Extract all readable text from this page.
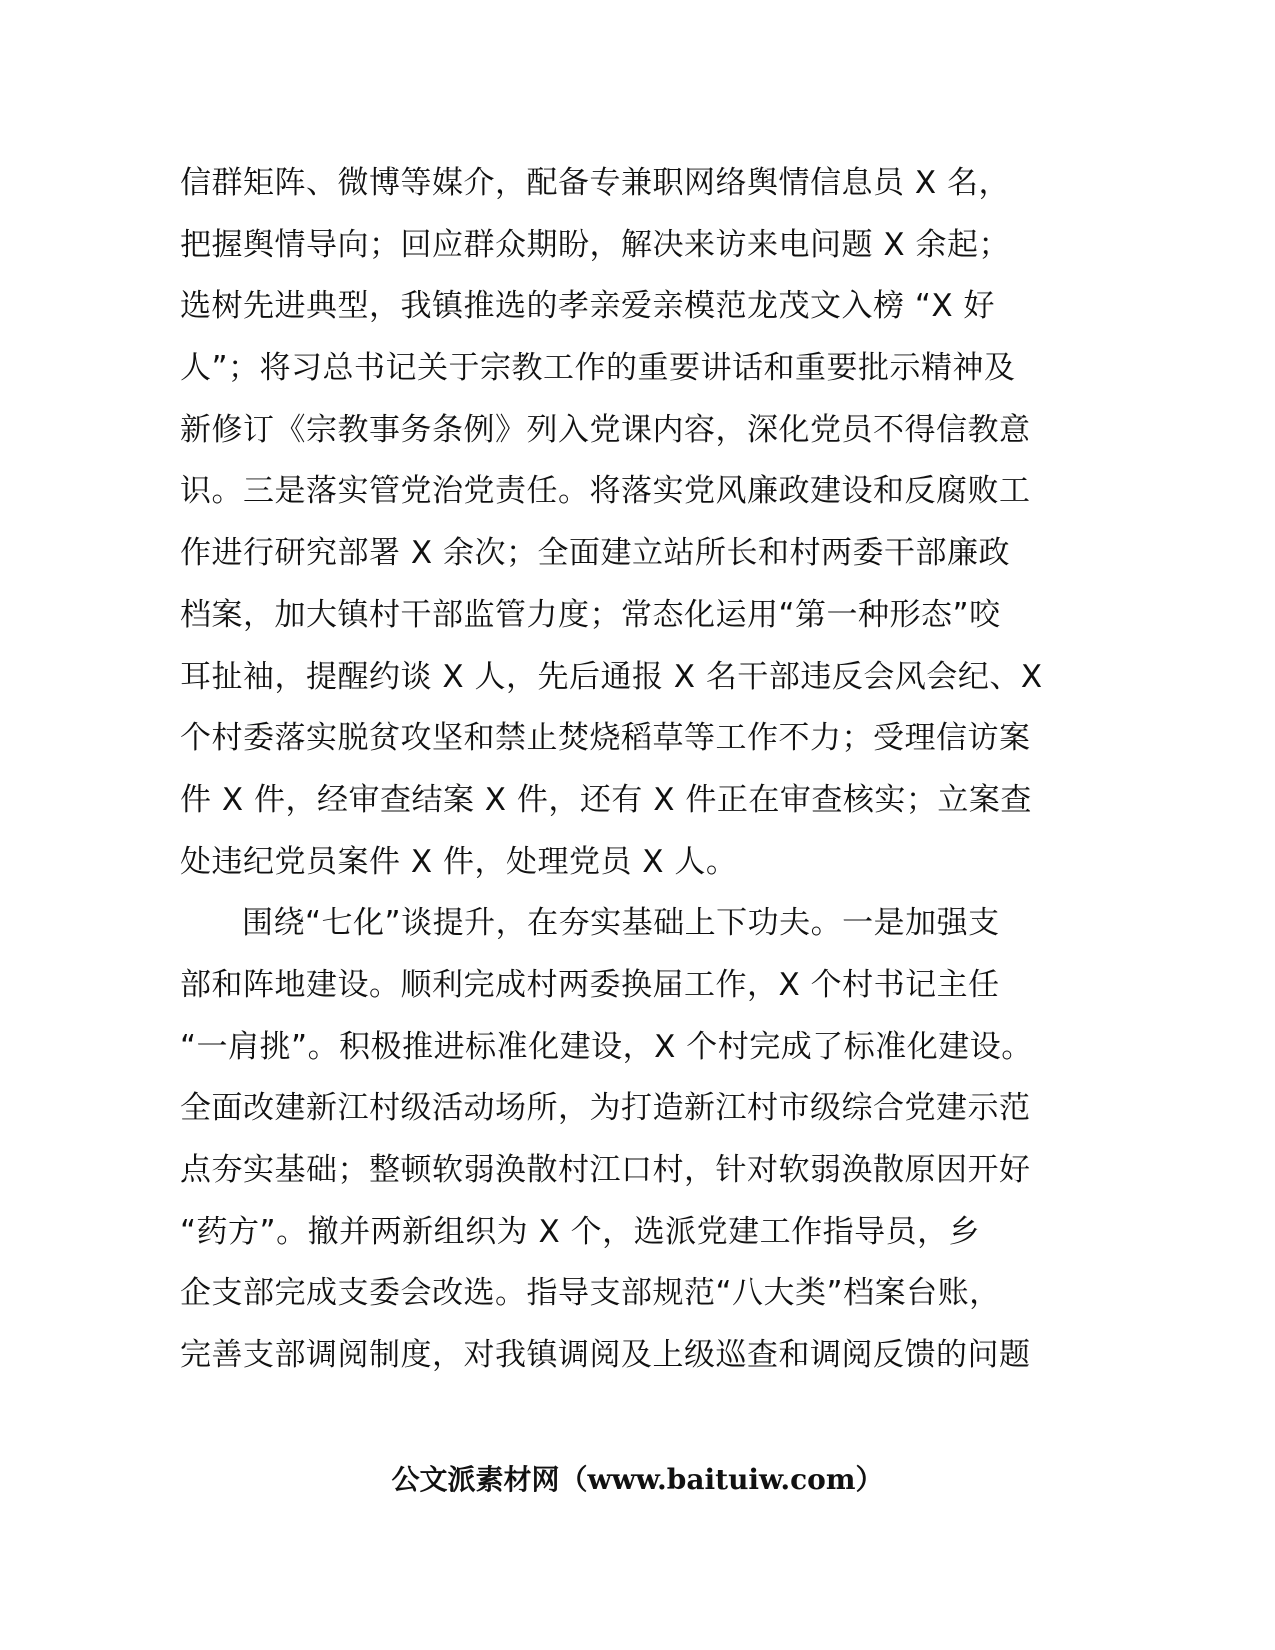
信群矩阵、微博等媒介，配备专兼职网络舆情信息员 X 名，
把握舆情导向；回应群众期盼，解决来访来电问题 X 余起；
选树先进典型，我镇推选的孝亲爱亲模范龙茂文入榜 “X 好
人”；将习总书记关于宗教工作的重要讲话和重要批示精神及
新修订《宗教事务条例》列入党课内容，深化党员不得信教意
识。三是落实管党治党责任。将落实党风廉政建设和反腐败工
作进行研究部署 X 余次；全面建立站所长和村两委干部廉政
档案，加大镇村干部监管力度；常态化运用“第一种形态”咬
耳扯袖，提醒约谈 X 人，先后通报 X 名干部违反会风会纪、X
个村委落实脱贫攻坚和禁止焚烧稻草等工作不力；受理信访案
件 X 件，经审查结案 X 件，还有 X 件正在审查核实；立案查
处违纪党员案件 X 件，处理党员 X 人。
围绕“七化”谈提升，在夯实基础上下功夫。一是加强支
部和阵地建设。顺利完成村两委换届工作，X 个村书记主任
“一肩挑”。积极推进标准化建设，X 个村完成了标准化建设。
全面改建新江村级活动场所，为打造新江村市级综合党建示范
点夯实基础；整顿软弱涣散村江口村，针对软弱涣散原因开好
“药方”。撤并两新组织为 X 个，选派党建工作指导员，乡
企支部完成支委会改选。指导支部规范“八大类”档案台账，
完善支部调阅制度，对我镇调阅及上级巡查和调阅反馈的问题
公文派素材网（www.baituiw.com）
